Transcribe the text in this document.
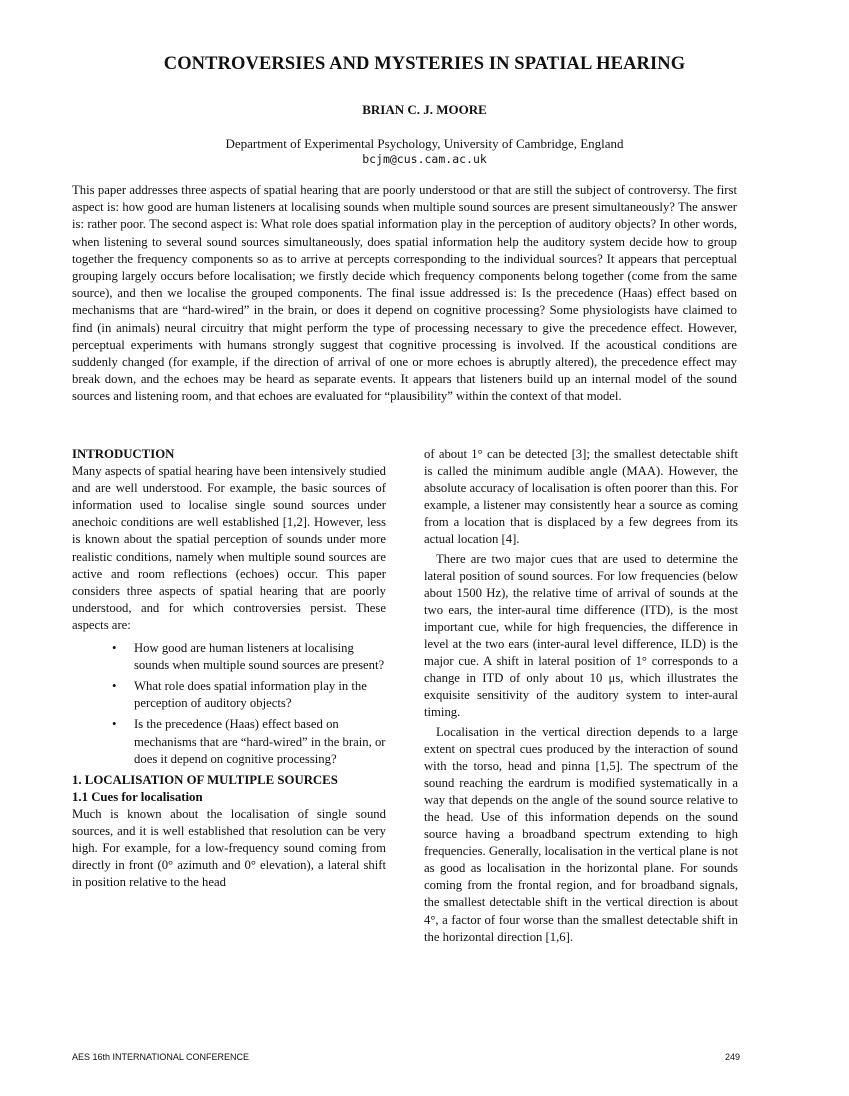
CONTROVERSIES AND MYSTERIES IN SPATIAL HEARING
BRIAN C. J. MOORE
Department of Experimental Psychology, University of Cambridge, England
bcjm@cus.cam.ac.uk

This paper addresses three aspects of spatial hearing that are poorly understood or that are still the subject of controversy. The first aspect is: how good are human listeners at localising sounds when multiple sound sources are present simultaneously? The answer is: rather poor. The second aspect is: What role does spatial information play in the perception of auditory objects? In other words, when listening to several sound sources simultaneously, does spatial information help the auditory system decide how to group together the frequency components so as to arrive at percepts corresponding to the individual sources? It appears that perceptual grouping largely occurs before localisation; we firstly decide which frequency components belong together (come from the same source), and then we localise the grouped components. The final issue addressed is: Is the precedence (Haas) effect based on mechanisms that are “hard-wired” in the brain, or does it depend on cognitive processing? Some physiologists have claimed to find (in animals) neural circuitry that might perform the type of processing necessary to give the precedence effect. However, perceptual experiments with humans strongly suggest that cognitive processing is involved. If the acoustical conditions are suddenly changed (for example, if the direction of arrival of one or more echoes is abruptly altered), the precedence effect may break down, and the echoes may be heard as separate events. It appears that listeners build up an internal model of the sound sources and listening room, and that echoes are evaluated for “plausibility” within the context of that model.

INTRODUCTION

Many aspects of spatial hearing have been intensively studied and are well understood. For example, the basic sources of information used to localise single sound sources under anechoic conditions are well established [1,2]. However, less is known about the spatial perception of sounds under more realistic conditions, namely when multiple sound sources are active and room reflections (echoes) occur. This paper considers three aspects of spatial hearing that are poorly understood, and for which controversies persist. These aspects are:

• How good are human listeners at localising sounds when multiple sound sources are present?
• What role does spatial information play in the perception of auditory objects?
• Is the precedence (Haas) effect based on mechanisms that are “hard-wired” in the brain, or does it depend on cognitive processing?

1. LOCALISATION OF MULTIPLE SOURCES

1.1 Cues for localisation

Much is known about the localisation of single sound sources, and it is well established that resolution can be very high. For example, for a low-frequency sound coming from directly in front (0° azimuth and 0° elevation), a lateral shift in position relative to the head

of about 1° can be detected [3]; the smallest detectable shift is called the minimum audible angle (MAA). However, the absolute accuracy of localisation is often poorer than this. For example, a listener may consistently hear a source as coming from a location that is displaced by a few degrees from its actual location [4].

There are two major cues that are used to determine the lateral position of sound sources. For low frequencies (below about 1500 Hz), the relative time of arrival of sounds at the two ears, the inter-aural time difference (ITD), is the most important cue, while for high frequencies, the difference in level at the two ears (inter-aural level difference, ILD) is the major cue. A shift in lateral position of 1° corresponds to a change in ITD of only about 10 μs, which illustrates the exquisite sensitivity of the auditory system to inter-aural timing.

Localisation in the vertical direction depends to a large extent on spectral cues produced by the interaction of sound with the torso, head and pinna [1,5]. The spectrum of the sound reaching the eardrum is modified systematically in a way that depends on the angle of the sound source relative to the head. Use of this information depends on the sound source having a broadband spectrum extending to high frequencies. Generally, localisation in the vertical plane is not as good as localisation in the horizontal plane. For sounds coming from the frontal region, and for broadband signals, the smallest detectable shift in the vertical direction is about 4°, a factor of four worse than the smallest detectable shift in the horizontal direction [1,6].

AES 16th INTERNATIONAL CONFERENCE	249
